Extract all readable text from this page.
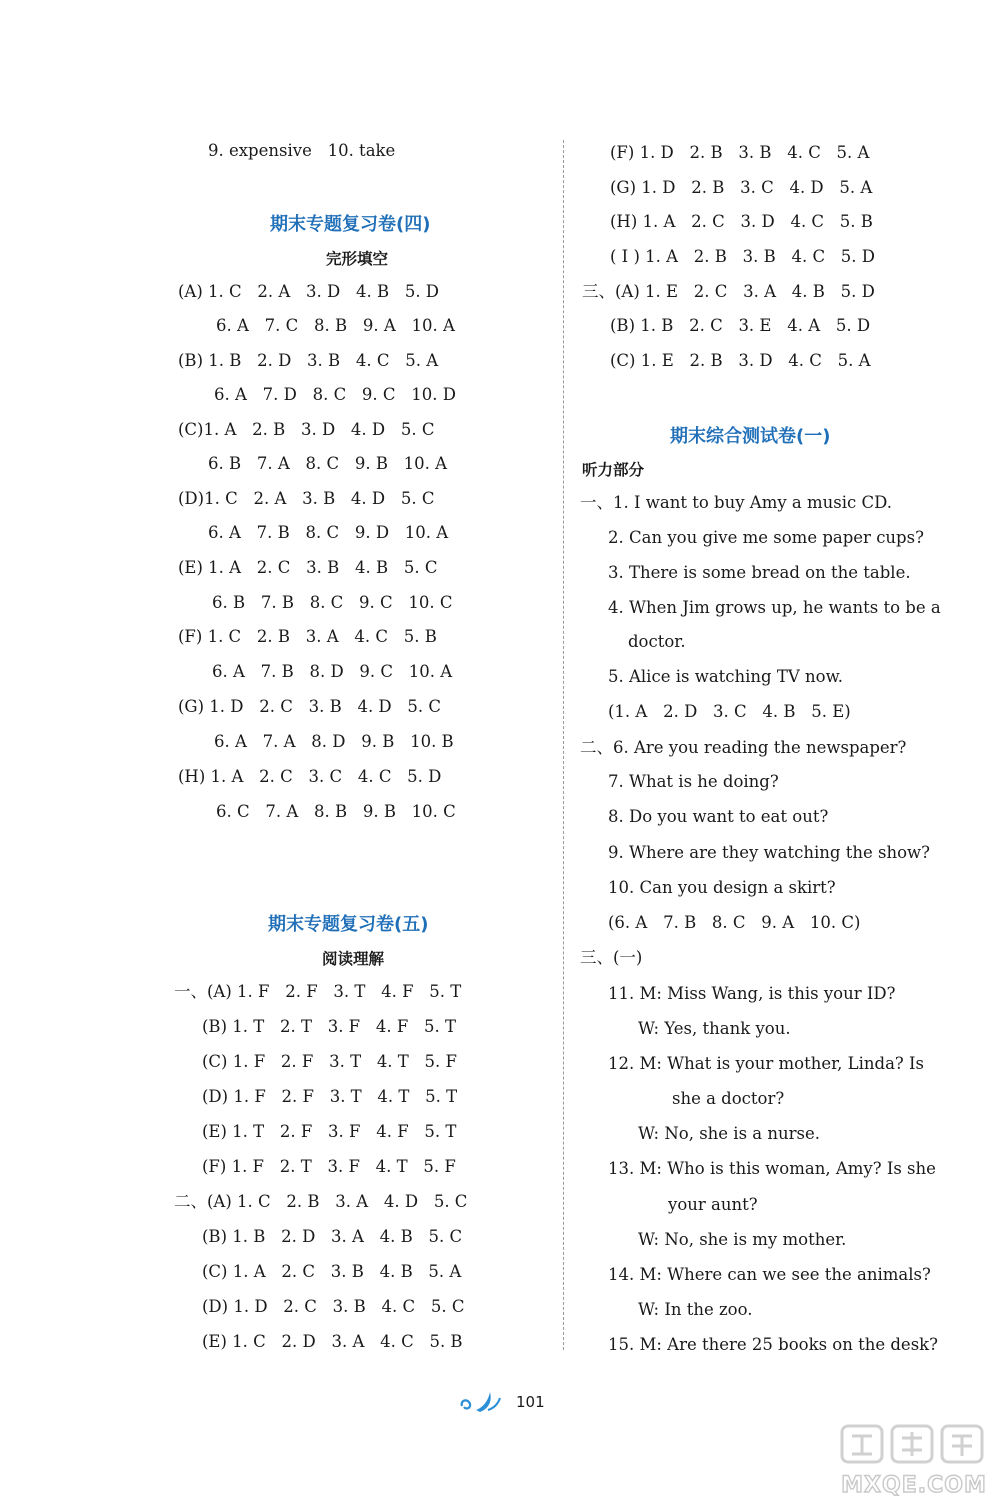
9. expensive   10. take
期末专题复习卷(四)
完形填空
(A) 1. C   2. A   3. D   4. B   5. D
6. A   7. C   8. B   9. A   10. A
(B) 1. B   2. D   3. B   4. C   5. A
6. A   7. D   8. C   9. C   10. D
(C)1. A   2. B   3. D   4. D   5. C
6. B   7. A   8. C   9. B   10. A
(D)1. C   2. A   3. B   4. D   5. C
6. A   7. B   8. C   9. D   10. A
(E) 1. A   2. C   3. B   4. B   5. C
6. B   7. B   8. C   9. C   10. C
(F) 1. C   2. B   3. A   4. C   5. B
6. A   7. B   8. D   9. C   10. A
(G) 1. D   2. C   3. B   4. D   5. C
6. A   7. A   8. D   9. B   10. B
(H) 1. A   2. C   3. C   4. C   5. D
6. C   7. A   8. B   9. B   10. C
期末专题复习卷(五)
阅读理解
一、(A) 1. F   2. F   3. T   4. F   5. T
(B) 1. T   2. T   3. F   4. F   5. T
(C) 1. F   2. F   3. T   4. T   5. F
(D) 1. F   2. F   3. T   4. T   5. T
(E) 1. T   2. F   3. F   4. F   5. T
(F) 1. F   2. T   3. F   4. T   5. F
二、(A) 1. C   2. B   3. A   4. D   5. C
(B) 1. B   2. D   3. A   4. B   5. C
(C) 1. A   2. C   3. B   4. B   5. A
(D) 1. D   2. C   3. B   4. C   5. C
(E) 1. C   2. D   3. A   4. C   5. B
(F) 1. D   2. B   3. B   4. C   5. A
(G) 1. D   2. B   3. C   4. D   5. A
(H) 1. A   2. C   3. D   4. C   5. B
( I ) 1. A   2. B   3. B   4. C   5. D
三、(A) 1. E   2. C   3. A   4. B   5. D
(B) 1. B   2. C   3. E   4. A   5. D
(C) 1. E   2. B   3. D   4. C   5. A
期末综合测试卷(一)
听力部分
一、1. I want to buy Amy a music CD.
2. Can you give me some paper cups?
3. There is some bread on the table.
4. When Jim grows up, he wants to be a
doctor.
5. Alice is watching TV now.
(1. A   2. D   3. C   4. B   5. E)
二、6. Are you reading the newspaper?
7. What is he doing?
8. Do you want to eat out?
9. Where are they watching the show?
10. Can you design a skirt?
(6. A   7. B   8. C   9. A   10. C)
三、(一)
11. M: Miss Wang, is this your ID?
W: Yes, thank you.
12. M: What is your mother, Linda? Is
she a doctor?
W: No, she is a nurse.
13. M: Who is this woman, Amy? Is she
your aunt?
W: No, she is my mother.
14. M: Where can we see the animals?
W: In the zoo.
15. M: Are there 25 books on the desk?
101
MXQE.COM
